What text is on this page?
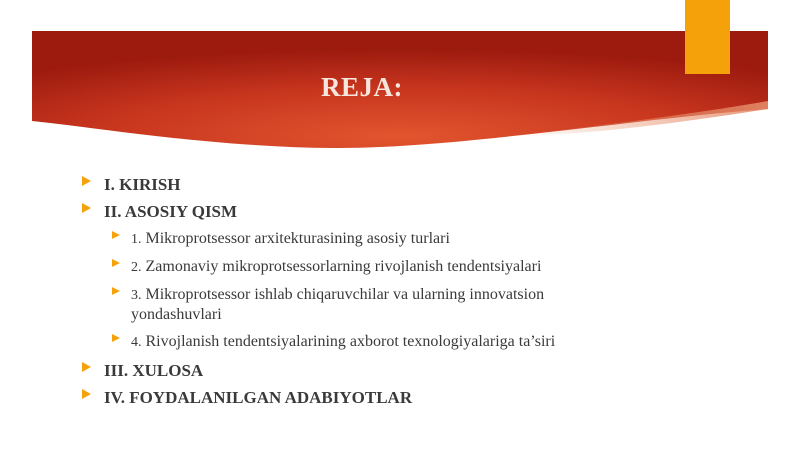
REJA:
I. KIRISH
II. ASOSIY QISM
1. Mikroprotsessor arxitekturasining asosiy turlari
2. Zamonaviy mikroprotsessorlarning rivojlanish tendentsiyalari
3. Mikroprotsessor ishlab chiqaruvchilar va ularning innovatsion yondashuvlari
4. Rivojlanish tendentsiyalarining axborot texnologiyalariga ta’siri
III. XULOSA
IV. FOYDALANILGAN ADABIYOTLAR
